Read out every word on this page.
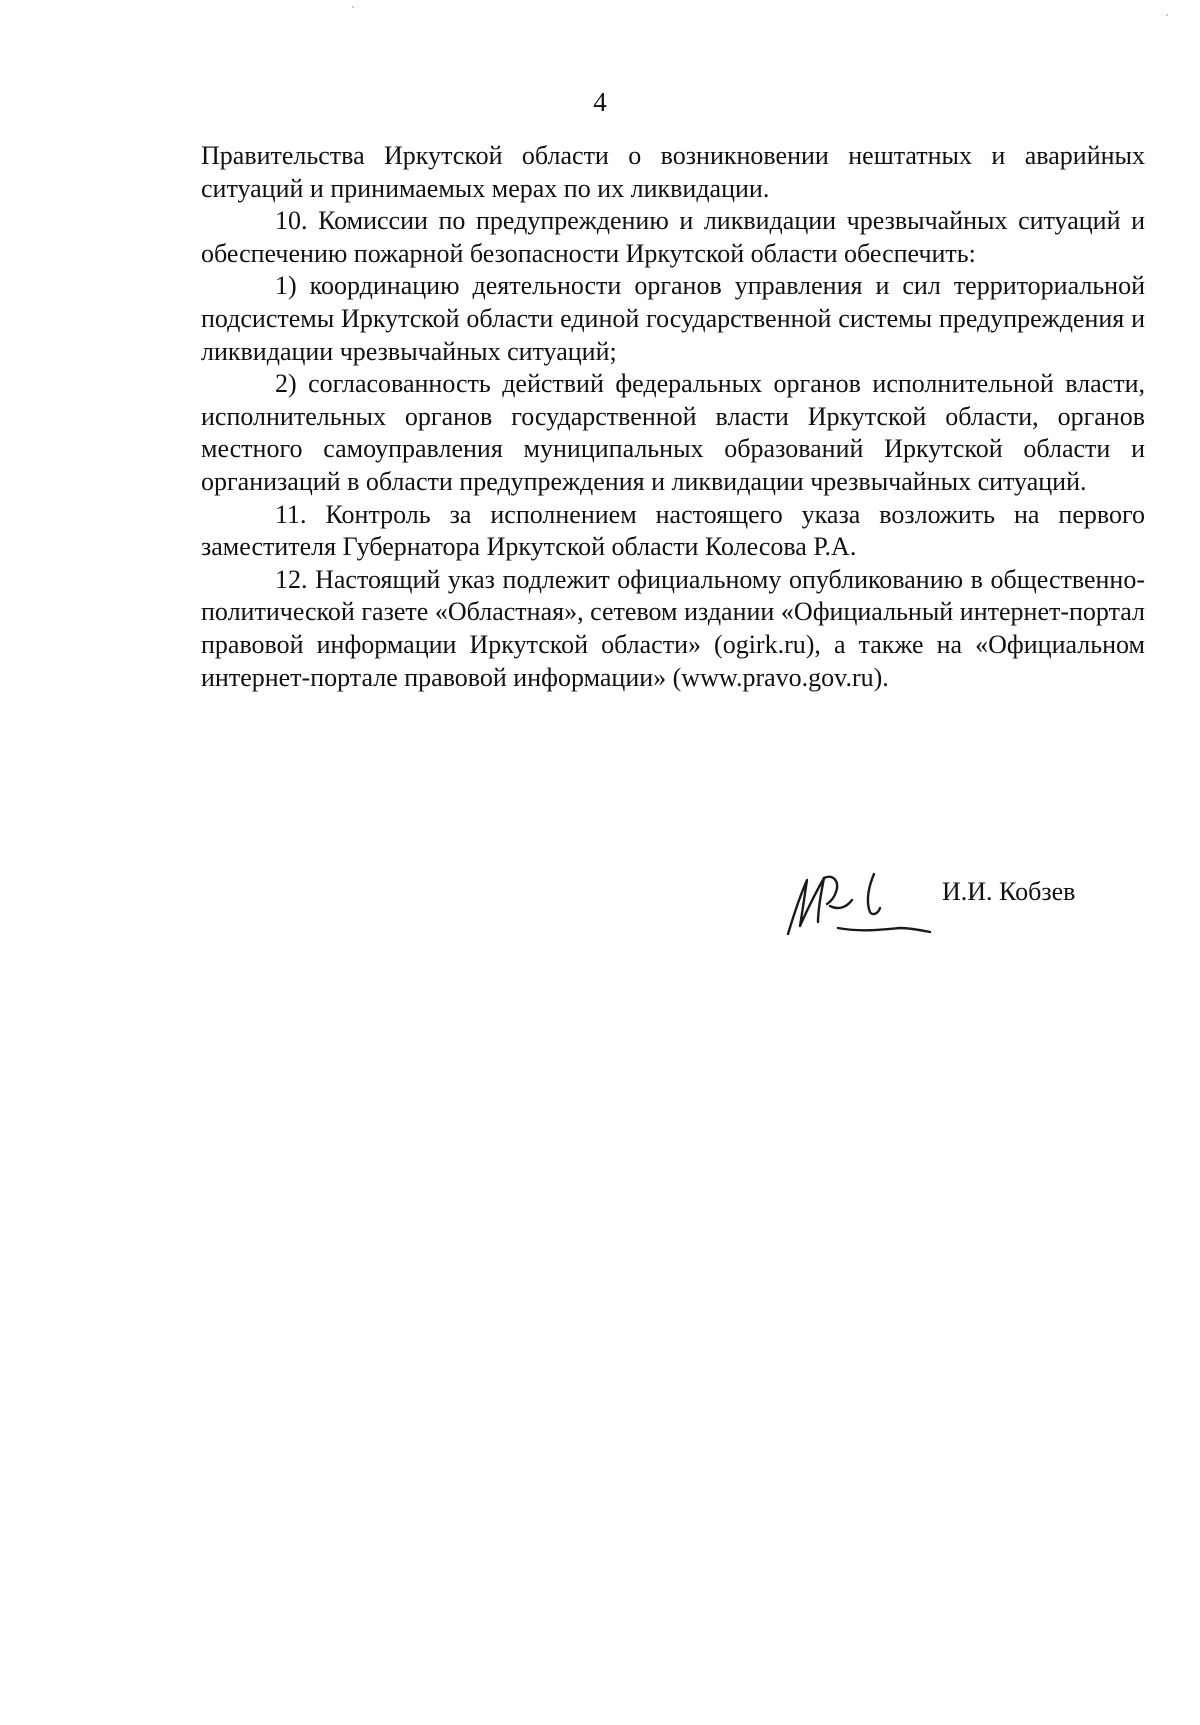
4

Правительства Иркутской области о возникновении нештатных и аварийных ситуаций и принимаемых мерах по их ликвидации.

10. Комиссии по предупреждению и ликвидации чрезвычайных ситуаций и обеспечению пожарной безопасности Иркутской области обеспечить:

1) координацию деятельности органов управления и сил территориальной подсистемы Иркутской области единой государственной системы предупреждения и ликвидации чрезвычайных ситуаций;

2) согласованность действий федеральных органов исполнительной власти, исполнительных органов государственной власти Иркутской области, органов местного самоуправления муниципальных образований Иркутской области и организаций в области предупреждения и ликвидации чрезвычайных ситуаций.

11. Контроль за исполнением настоящего указа возложить на первого заместителя Губернатора Иркутской области Колесова Р.А.

12. Настоящий указ подлежит официальному опубликованию в общественно-политической газете «Областная», сетевом издании «Официальный интернет-портал правовой информации Иркутской области» (ogirk.ru), а также на «Официальном интернет-портале правовой информации» (www.pravo.gov.ru).

И.И. Кобзев
